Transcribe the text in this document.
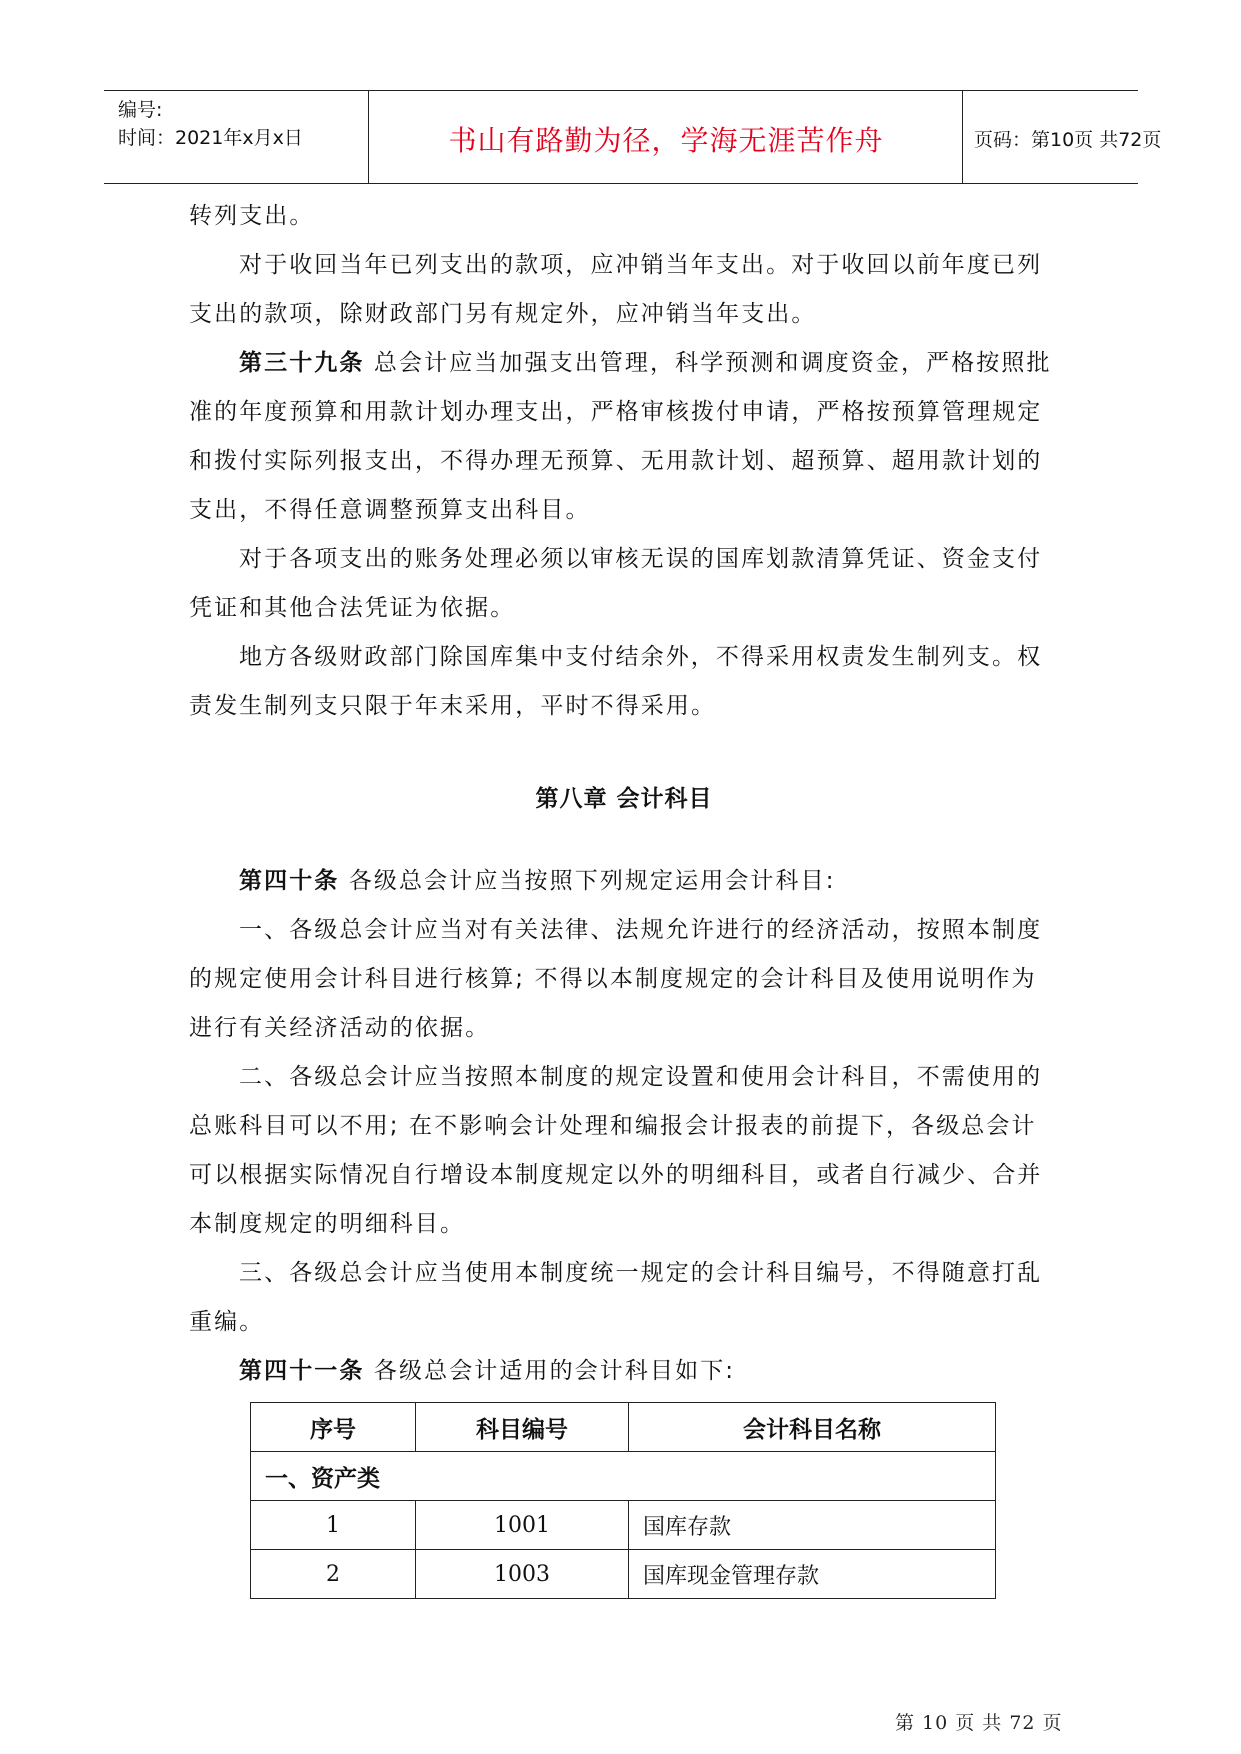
编号:
时间：2021年x月x日	书山有路勤为径，学海无涯苦作舟	页码：第10页 共72页

转列支出。

对于收回当年已列支出的款项，应冲销当年支出。对于收回以前年度已列支出的款项，除财政部门另有规定外，应冲销当年支出。

第三十九条 总会计应当加强支出管理，科学预测和调度资金，严格按照批准的年度预算和用款计划办理支出，严格审核拨付申请，严格按预算管理规定和拨付实际列报支出，不得办理无预算、无用款计划、超预算、超用款计划的支出，不得任意调整预算支出科目。

对于各项支出的账务处理必须以审核无误的国库划款清算凭证、资金支付凭证和其他合法凭证为依据。

地方各级财政部门除国库集中支付结余外，不得采用权责发生制列支。权责发生制列支只限于年末采用，平时不得采用。

第八章 会计科目

第四十条 各级总会计应当按照下列规定运用会计科目:

一、各级总会计应当对有关法律、法规允许进行的经济活动，按照本制度的规定使用会计科目进行核算; 不得以本制度规定的会计科目及使用说明作为进行有关经济活动的依据。

二、各级总会计应当按照本制度的规定设置和使用会计科目，不需使用的总账科目可以不用; 在不影响会计处理和编报会计报表的前提下，各级总会计可以根据实际情况自行增设本制度规定以外的明细科目，或者自行减少、合并本制度规定的明细科目。

三、各级总会计应当使用本制度统一规定的会计科目编号，不得随意打乱重编。

第四十一条 各级总会计适用的会计科目如下:

序号	科目编号	会计科目名称
一、资产类		
1	1001	国库存款
2	1003	国库现金管理存款
第 10 页 共 72 页
